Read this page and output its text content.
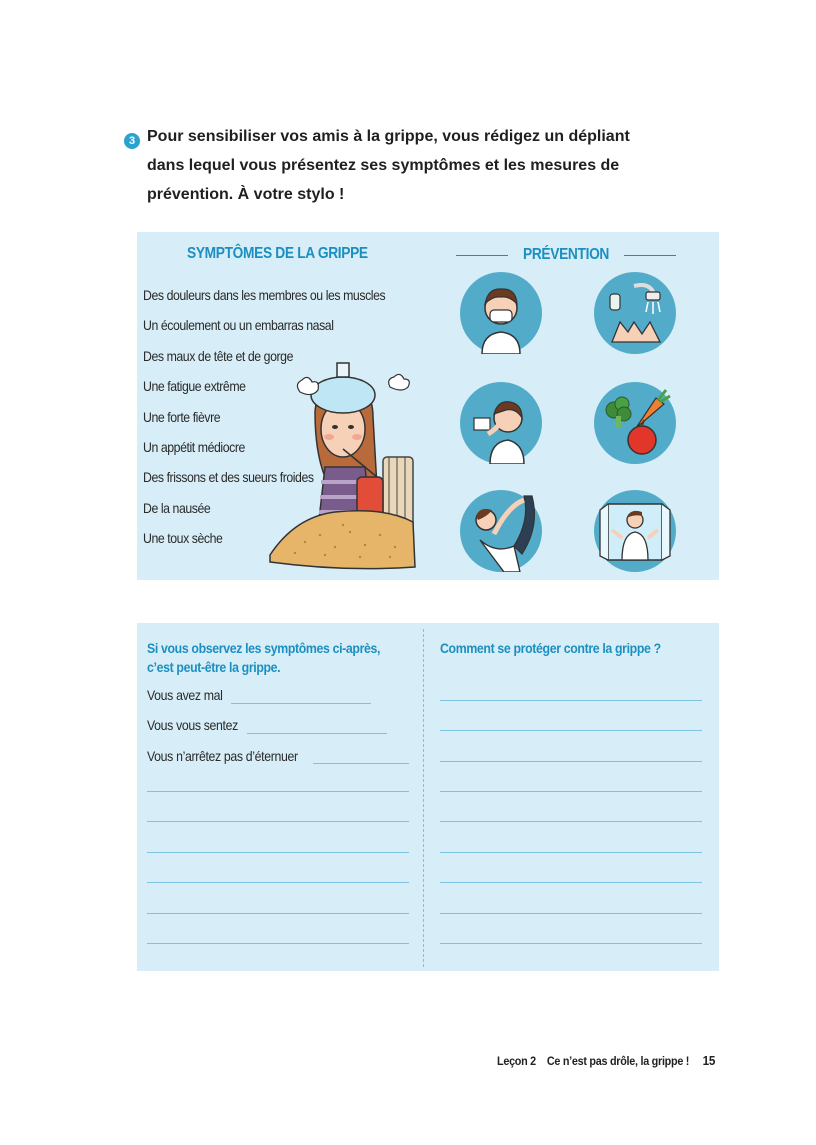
3 Pour sensibiliser vos amis à la grippe, vous rédigez un dépliant
dans lequel vous présentez ses symptômes et les mesures de
prévention. À votre stylo !
SYMPTÔMES DE LA GRIPPE
Des douleurs dans les membres ou les muscles
Un écoulement ou un embarras nasal
Des maux de tête et de gorge
Une fatigue extrême
Une forte fièvre
Un appétit médiocre
Des frissons et des sueurs froides
De la nausée
Une toux sèche
PRÉVENTION
Si vous observez les symptômes ci-après,
c’est peut-être la grippe.
Comment se protéger contre la grippe ?
Vous avez mal
Vous vous sentez
Vous n’arrêtez pas d’éternuer
Leçon 2 Ce n’est pas drôle, la grippe ! 15
